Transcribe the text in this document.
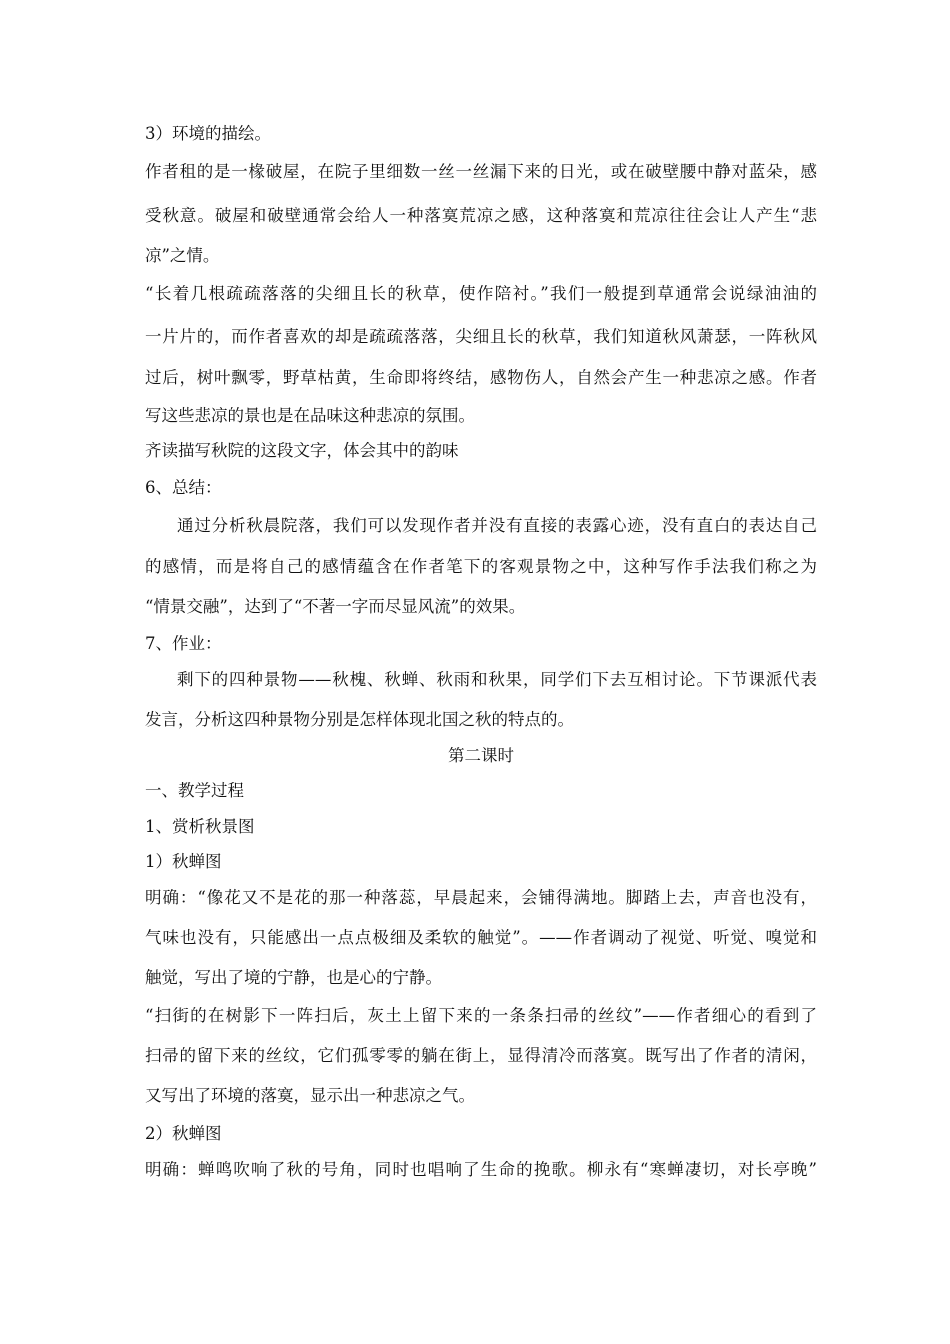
3）环境的描绘。
作者租的是一椽破屋，在院子里细数一丝一丝漏下来的日光，或在破壁腰中静对蓝朵，感
受秋意。破屋和破壁通常会给人一种落寞荒凉之感，这种落寞和荒凉往往会让人产生“悲
凉”之情。
“长着几根疏疏落落的尖细且长的秋草，使作陪衬。”我们一般提到草通常会说绿油油的
一片片的，而作者喜欢的却是疏疏落落，尖细且长的秋草，我们知道秋风萧瑟，一阵秋风
过后，树叶飘零，野草枯黄，生命即将终结，感物伤人，自然会产生一种悲凉之感。作者
写这些悲凉的景也是在品味这种悲凉的氛围。
齐读描写秋院的这段文字，体会其中的韵味
6、总结：
通过分析秋晨院落，我们可以发现作者并没有直接的表露心迹，没有直白的表达自己
的感情，而是将自己的感情蕴含在作者笔下的客观景物之中，这种写作手法我们称之为
“情景交融”，达到了“不著一字而尽显风流”的效果。
7、作业：
剩下的四种景物——秋槐、秋蝉、秋雨和秋果，同学们下去互相讨论。下节课派代表
发言，分析这四种景物分别是怎样体现北国之秋的特点的。
第二课时
一、教学过程
1、赏析秋景图
1）秋蝉图
明确：“像花又不是花的那一种落蕊，早晨起来，会铺得满地。脚踏上去，声音也没有，
气味也没有，只能感出一点点极细及柔软的触觉”。——作者调动了视觉、听觉、嗅觉和
触觉，写出了境的宁静，也是心的宁静。
“扫街的在树影下一阵扫后，灰土上留下来的一条条扫帚的丝纹”——作者细心的看到了
扫帚的留下来的丝纹，它们孤零零的躺在街上，显得清冷而落寞。既写出了作者的清闲，
又写出了环境的落寞，显示出一种悲凉之气。
2）秋蝉图
明确：蝉鸣吹响了秋的号角，同时也唱响了生命的挽歌。柳永有“寒蝉凄切，对长亭晚”
